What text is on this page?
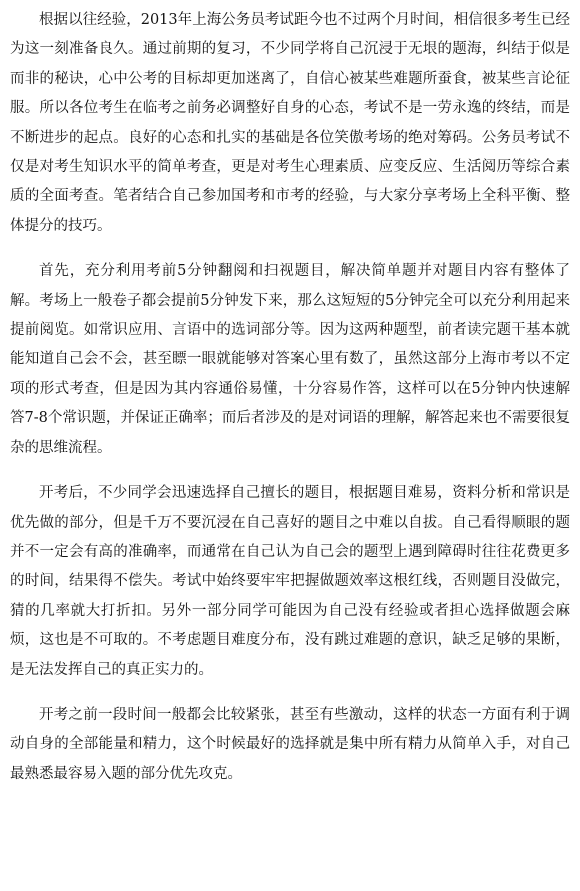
根据以往经验，2013年上海公务员考试距今也不过两个月时间，相信很多考生已经为这一刻准备良久。通过前期的复习，不少同学将自己沉浸于无垠的题海，纠结于似是而非的秘诀，心中公考的目标却更加迷离了，自信心被某些难题所蚕食，被某些言论征服。所以各位考生在临考之前务必调整好自身的心态，考试不是一劳永逸的终结，而是不断进步的起点。良好的心态和扎实的基础是各位笑傲考场的绝对筹码。公务员考试不仅是对考生知识水平的简单考查，更是对考生心理素质、应变反应、生活阅历等综合素质的全面考查。笔者结合自己参加国考和市考的经验，与大家分享考场上全科平衡、整体提分的技巧。

首先，充分利用考前5分钟翻阅和扫视题目，解决简单题并对题目内容有整体了解。考场上一般卷子都会提前5分钟发下来，那么这短短的5分钟完全可以充分利用起来提前阅览。如常识应用、言语中的选词部分等。因为这两种题型，前者读完题干基本就能知道自己会不会，甚至瞟一眼就能够对答案心里有数了，虽然这部分上海市考以不定项的形式考查，但是因为其内容通俗易懂，十分容易作答，这样可以在5分钟内快速解答7-8个常识题，并保证正确率；而后者涉及的是对词语的理解，解答起来也不需要很复杂的思维流程。

开考后，不少同学会迅速选择自己擅长的题目，根据题目难易，资料分析和常识是优先做的部分，但是千万不要沉浸在自己喜好的题目之中难以自拔。自己看得顺眼的题并不一定会有高的准确率，而通常在自己认为自己会的题型上遇到障碍时往往花费更多的时间，结果得不偿失。考试中始终要牢牢把握做题效率这根红线，否则题目没做完，猜的几率就大打折扣。另外一部分同学可能因为自己没有经验或者担心选择做题会麻烦，这也是不可取的。不考虑题目难度分布，没有跳过难题的意识，缺乏足够的果断，是无法发挥自己的真正实力的。

开考之前一段时间一般都会比较紧张，甚至有些激动，这样的状态一方面有利于调动自身的全部能量和精力，这个时候最好的选择就是集中所有精力从简单入手，对自己最熟悉最容易入题的部分优先攻克。
